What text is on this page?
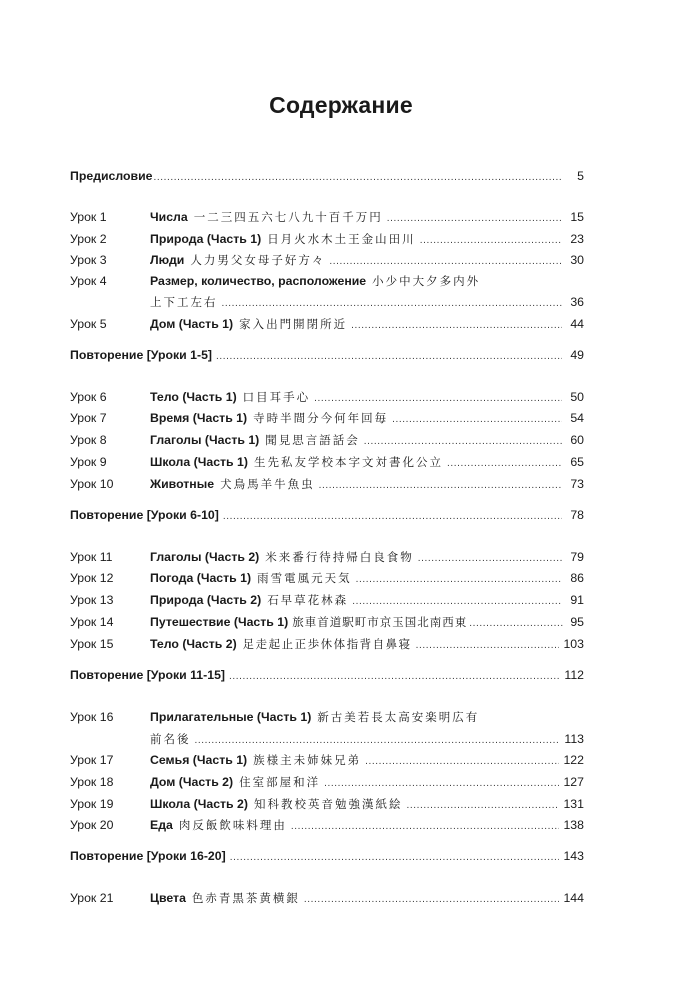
Содержание
Предисловие .....	5
Урок 1	Числа 一二三四五六七八九十百千万円 .....	15
Урок 2	Природа (Часть 1) 日月火水木土王金山田川 .....	23
Урок 3	Люди 人力男父女母子好方々 .....	30
Урок 4	Размер, количество, расположение 小少中大夕多内外
上下工左右 .....	36
Урок 5	Дом (Часть 1) 家入出門開閉所近 .....	44
Повторение [Уроки 1-5] .....	49
Урок 6	Тело (Часть 1) 口目耳手心 .....	50
Урок 7	Время (Часть 1) 寺時半間分今何年回毎 .....	54
Урок 8	Глаголы (Часть 1) 聞見思言語話会 .....	60
Урок 9	Школа (Часть 1) 生先私友学校本字文対書化公立 .....	65
Урок 10	Животные 犬鳥馬羊牛魚虫 .....	73
Повторение [Уроки 6-10] .....	78
Урок 11	Глаголы (Часть 2) 米来番行待持帰白良食物 .....	79
Урок 12	Погода (Часть 1) 雨雪電風元天気 .....	86
Урок 13	Природа (Часть 2) 石早草花林森 .....	91
Урок 14	Путешествие (Часть 1) 旅車首道駅町市京玉国北南西東 .....	95
Урок 15	Тело (Часть 2) 足走起止正歩休体指背自鼻寝 .....	103
Повторение [Уроки 11-15] .....	112
Урок 16	Прилагательные (Часть 1) 新古美若長太高安楽明広有
前名後 .....	113
Урок 17	Семья (Часть 1) 族様主未姉妹兄弟 .....	122
Урок 18	Дом (Часть 2) 住室部屋和洋 .....	127
Урок 19	Школа (Часть 2) 知科教校英音勉強漢紙絵 .....	131
Урок 20	Еда 肉反飯飲味料理由 .....	138
Повторение [Уроки 16-20] .....	143
Урок 21	Цвета 色赤青黒茶黄横銀 .....	144
